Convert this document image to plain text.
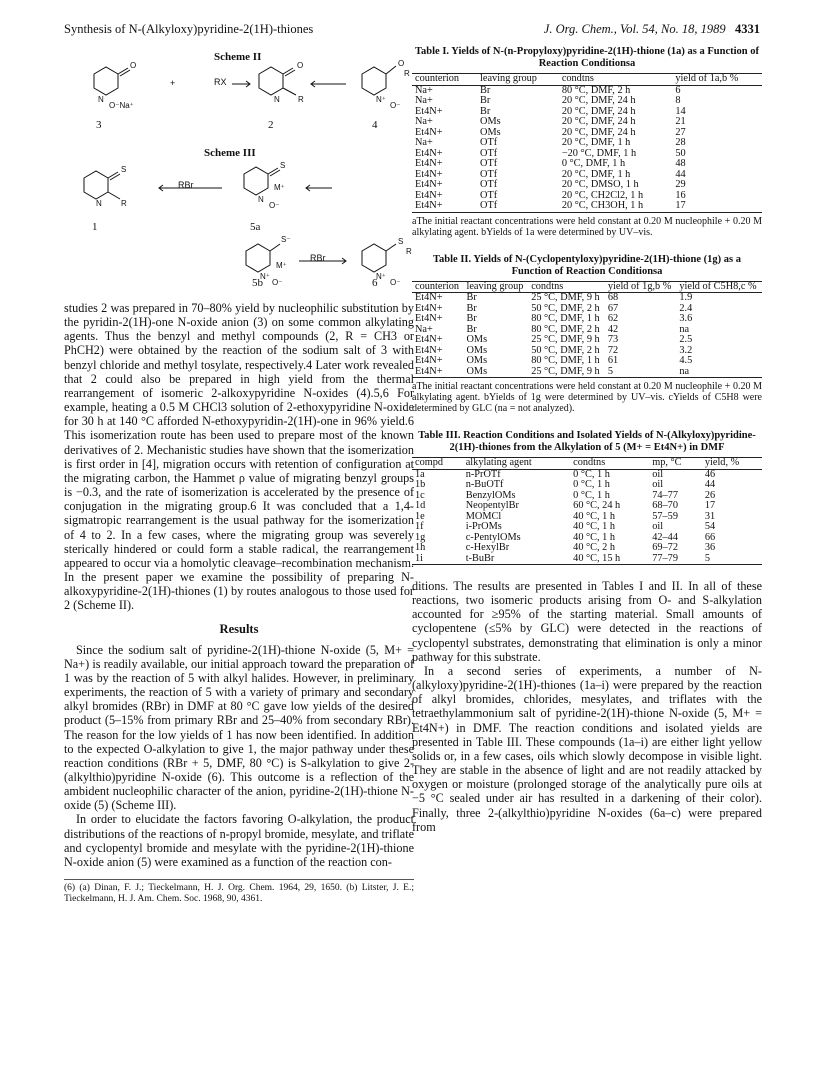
Synthesis of N-(Alkyloxy)pyridine-2(1H)-thiones	J. Org. Chem., Vol. 54, No. 18, 1989 4331
O
N
O⁻Na⁺
O
N R
O
R
N⁺
O⁻
S
N R
S
M⁺
N
O⁻
S⁻
M⁺
N⁺
O⁻
S
R
N⁺
O⁻
Scheme II
Scheme III
+	RX
RBr
RBr
3	2	4
1	5a
5b	6

studies 2 was prepared in 70–80% yield by nucleophilic substitution by the pyridin-2(1H)-one N-oxide anion (3) on some common alkylating agents. Thus the benzyl and methyl compounds (2, R = CH3 or PhCH2) were obtained by the reaction of the sodium salt of 3 with benzyl chloride and methyl tosylate, respectively.4 Later work revealed that 2 could also be prepared in high yield from the thermal rearrangement of isomeric 2-alkoxypyridine N-oxides (4).5,6 For example, heating a 0.5 M CHCl3 solution of 2-ethoxypyridine N-oxide for 30 h at 140 °C afforded N-ethoxypyridin-2(1H)-one in 96% yield.6 This isomerization route has been used to prepare most of the known derivatives of 2. Mechanistic studies have shown that the isomerization is first order in [4], migration occurs with retention of configuration at the migrating carbon, the Hammet ρ value of migrating benzyl groups is −0.3, and the rate of isomerization is accelerated by the presence of conjugation in the migrating group.6 It was concluded that a 1,4-sigmatropic rearrangement is the usual pathway for the isomerization of 4 to 2. In a few cases, where the migrating group was severely sterically hindered or could form a stable radical, the rearrangement appeared to occur via a homolytic cleavage–recombination mechanism. In the present paper we examine the possibility of preparing N-alkoxypyridine-2(1H)-thiones (1) by routes analogous to those used for 2 (Scheme II).

Results

Since the sodium salt of pyridine-2(1H)-thione N-oxide (5, M+ = Na+) is readily available, our initial approach toward the preparation of 1 was by the reaction of 5 with alkyl halides. However, in preliminary experiments, the reaction of 5 with a variety of primary and secondary alkyl bromides (RBr) in DMF at 80 °C gave low yields of the desired product (5–15% from primary RBr and 25–40% from secondary RBr). The reason for the low yields of 1 has now been identified. In addition to the expected O-alkylation to give 1, the major pathway under these reaction conditions (RBr + 5, DMF, 80 °C) is S-alkylation to give 2-(alkylthio)pyridine N-oxide (6). This outcome is a reflection of the ambident nucleophilic character of the anion, pyridine-2(1H)-thione N-oxide (5) (Scheme III).

In order to elucidate the factors favoring O-alkylation, the product distributions of the reactions of n-propyl bromide, mesylate, and triflate and cyclopentyl bromide and mesylate with the pyridine-2(1H)-thione N-oxide anion (5) were examined as a function of the reaction con-

(6) (a) Dinan, F. J.; Tieckelmann, H. J. Org. Chem. 1964, 29, 1650. (b) Litster, J. E.; Tieckelmann, H. J. Am. Chem. Soc. 1968, 90, 4361.
Table I. Yields of N-(n-Propyloxy)pyridine-2(1H)-thione (1a) as a Function of Reaction Conditionsa
counterion	leaving group	condtns	yield of 1a,b %
Na+	Br	80 °C, DMF, 2 h	6
Na+	Br	20 °C, DMF, 24 h	8
Et4N+	Br	20 °C, DMF, 24 h	14
Na+	OMs	20 °C, DMF, 24 h	21
Et4N+	OMs	20 °C, DMF, 24 h	27
Na+	OTf	20 °C, DMF, 1 h	28
Et4N+	OTf	−20 °C, DMF, 1 h	50
Et4N+	OTf	0 °C, DMF, 1 h	48
Et4N+	OTf	20 °C, DMF, 1 h	44
Et4N+	OTf	20 °C, DMSO, 1 h	29
Et4N+	OTf	20 °C, CH2Cl2, 1 h	16
Et4N+	OTf	20 °C, CH3OH, 1 h	17

aThe initial reactant concentrations were held constant at 0.20 M nucleophile + 0.20 M alkylating agent. bYields of 1a were determined by UV–vis.

Table II. Yields of N-(Cyclopentyloxy)pyridine-2(1H)-thione (1g) as a Function of Reaction Conditionsa
counterion	leaving group	condtns	yield of 1g,b %	yield of C5H8,c %
Et4N+	Br	25 °C, DMF, 9 h	68	1.9
Et4N+	Br	50 °C, DMF, 2 h	67	2.4
Et4N+	Br	80 °C, DMF, 1 h	62	3.6
Na+	Br	80 °C, DMF, 2 h	42	na
Et4N+	OMs	25 °C, DMF, 9 h	73	2.5
Et4N+	OMs	50 °C, DMF, 2 h	72	3.2
Et4N+	OMs	80 °C, DMF, 1 h	61	4.5
Et4N+	OMs	25 °C, DMF, 9 h	5	na

aThe initial reactant concentrations were held constant at 0.20 M nucleophile + 0.20 M alkylating agent. bYields of 1g were determined by UV–vis. cYields of C5H8 were determined by GLC (na = not analyzed).

Table III. Reaction Conditions and Isolated Yields of N-(Alkyloxy)pyridine-2(1H)-thiones from the Alkylation of 5 (M+ = Et4N+) in DMF
compd	alkylating agent	condtns	mp, °C	yield, %
1a	n-PrOTf	0 °C, 1 h	oil	46
1b	n-BuOTf	0 °C, 1 h	oil	44
1c	BenzylOMs	0 °C, 1 h	74–77	26
1d	NeopentylBr	60 °C, 24 h	68–70	17
1e	MOMCl	40 °C, 1 h	57–59	31
1f	i-PrOMs	40 °C, 1 h	oil	54
1g	c-PentylOMs	40 °C, 1 h	42–44	66
1h	c-HexylBr	40 °C, 2 h	69–72	36
1i	t-BuBr	40 °C, 15 h	77–79	5

ditions. The results are presented in Tables I and II. In all of these reactions, two isomeric products arising from O- and S-alkylation accounted for ≥95% of the starting material. Small amounts of cyclopentene (≤5% by GLC) were detected in the reactions of cyclopentyl substrates, demonstrating that elimination is only a minor pathway for this substrate.

In a second series of experiments, a number of N-(alkyloxy)pyridine-2(1H)-thiones (1a–i) were prepared by the reaction of alkyl bromides, chlorides, mesylates, and triflates with the tetraethylammonium salt of pyridine-2(1H)-thione N-oxide (5, M+ = Et4N+) in DMF. The reaction conditions and isolated yields are presented in Table III. These compounds (1a–i) are either light yellow solids or, in a few cases, oils which slowly decompose in visible light. They are stable in the absence of light and are not readily attacked by oxygen or moisture (prolonged storage of the analytically pure oils at −5 °C sealed under air has resulted in a darkening of their color). Finally, three 2-(alkylthio)pyridine N-oxides (6a–c) were prepared from
